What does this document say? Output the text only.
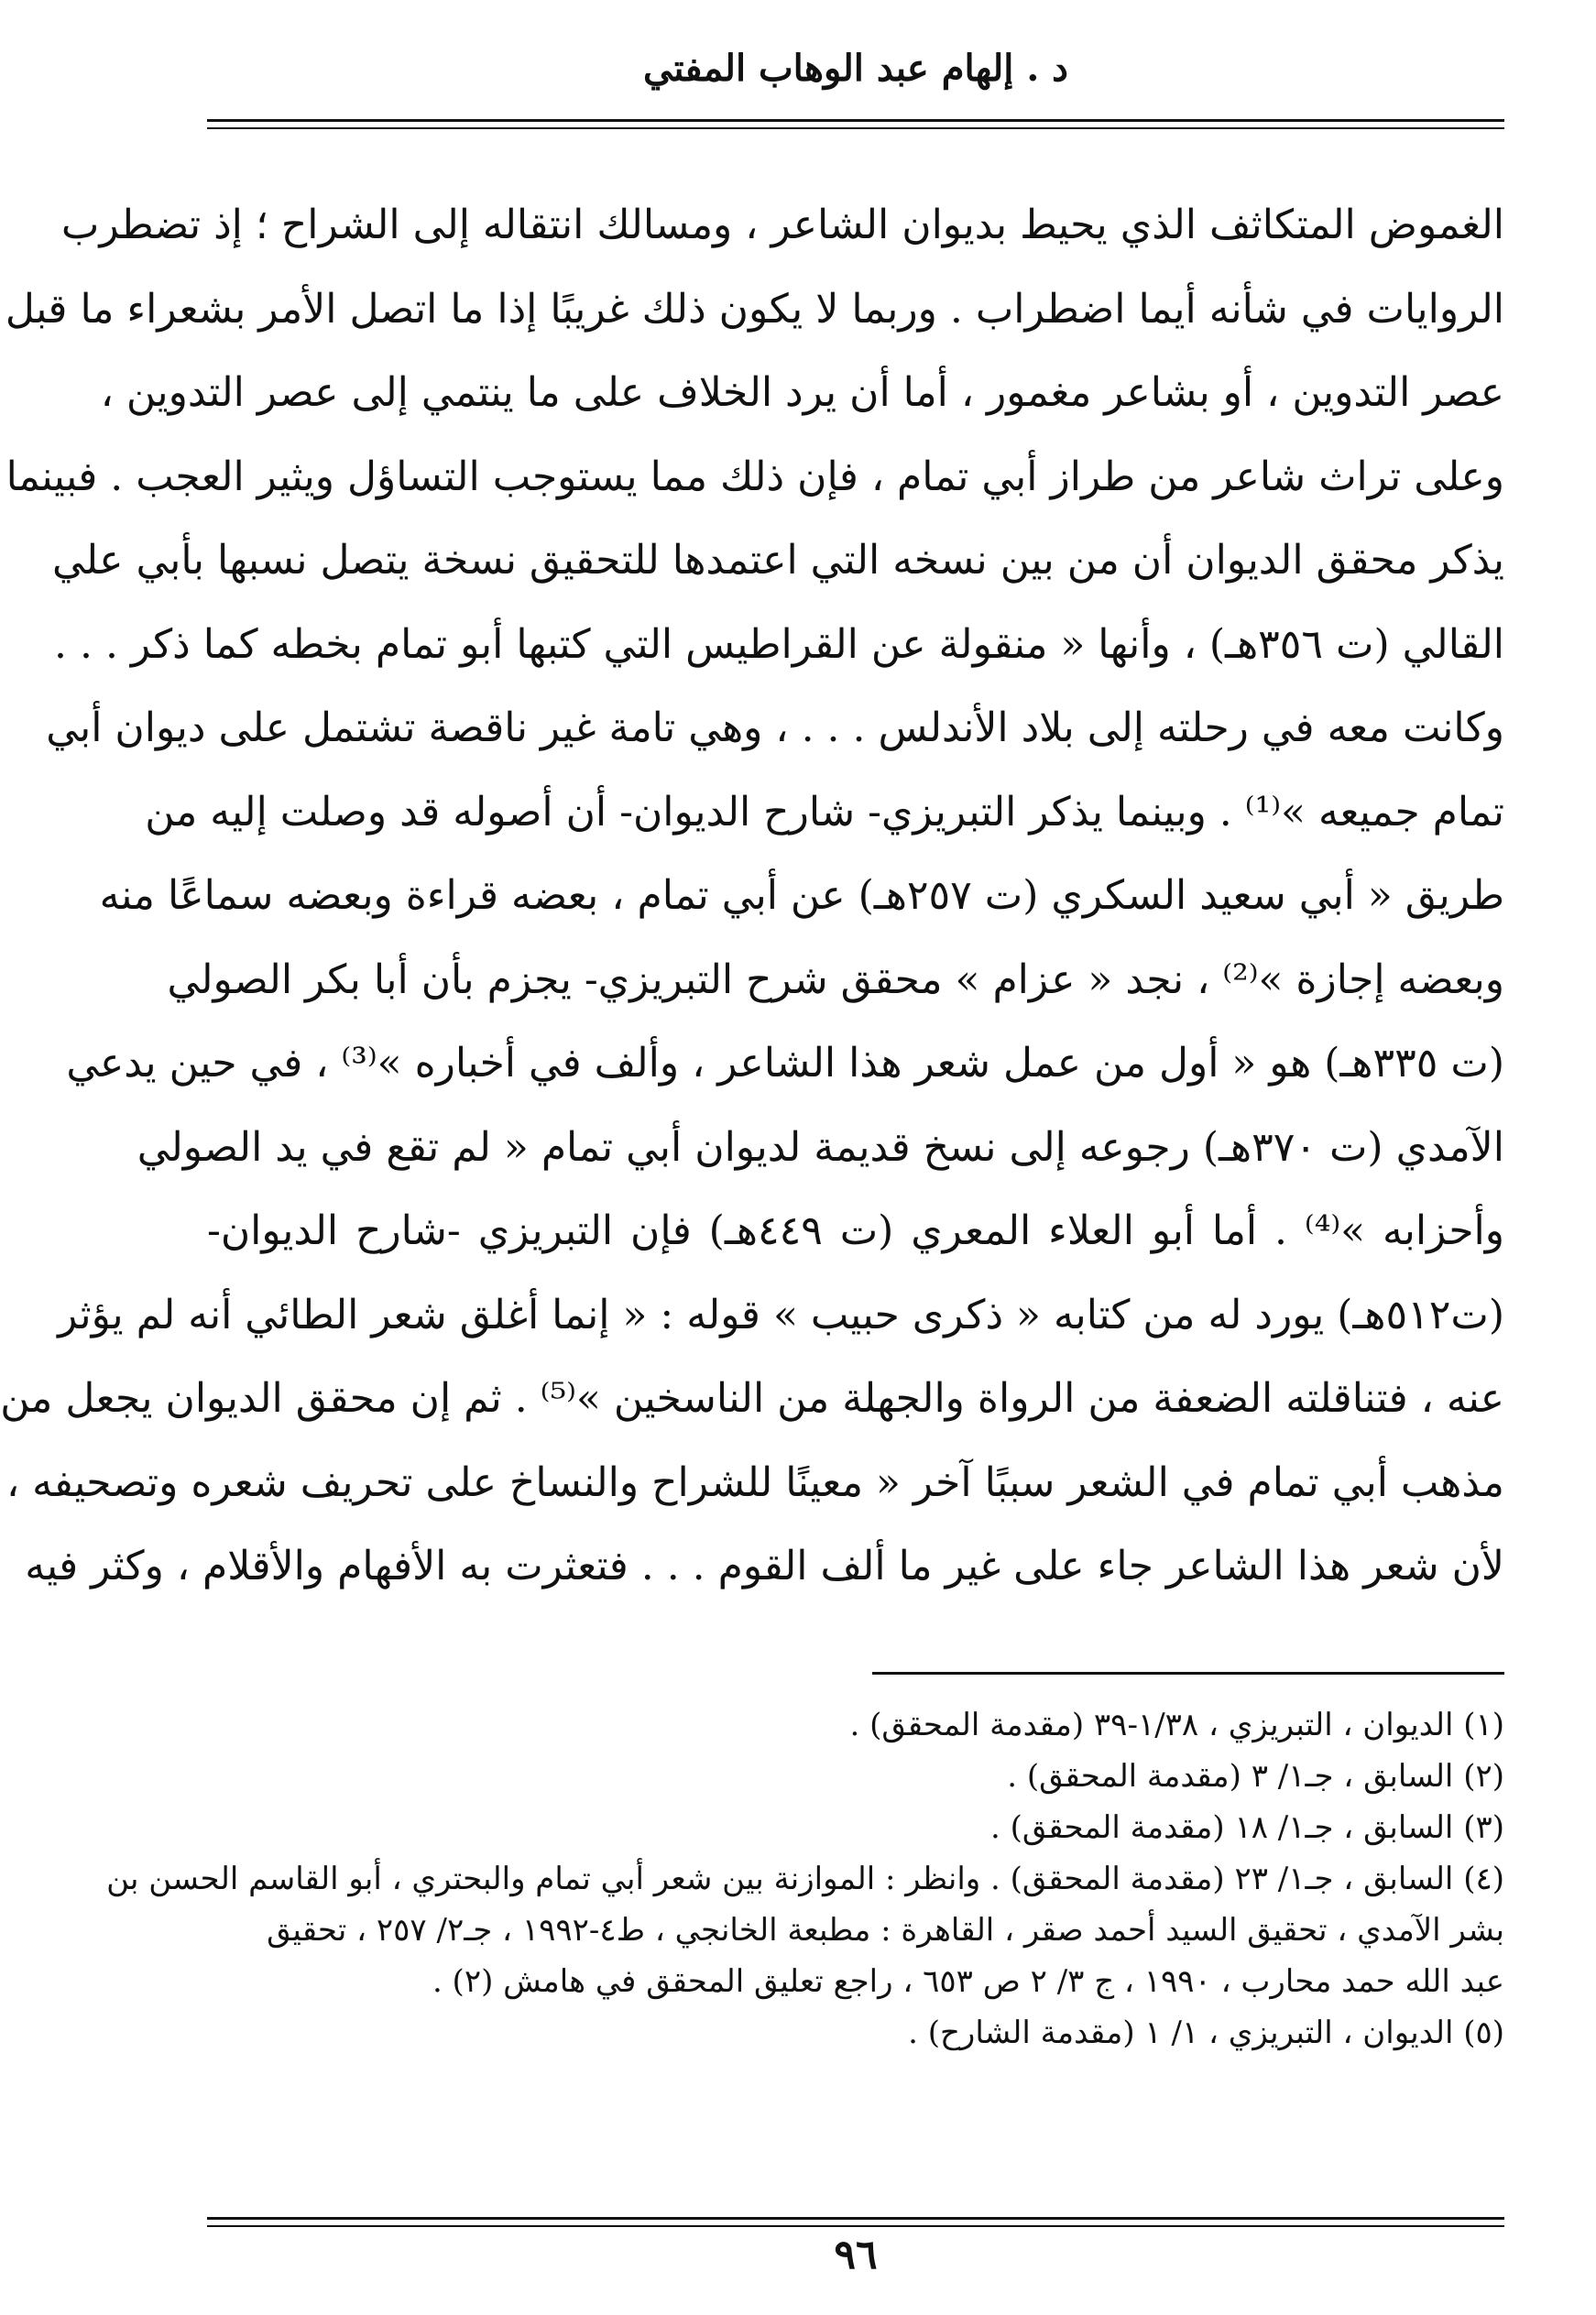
د . إلهام عبد الوهاب المفتي
الغموض المتكاثف الذي يحيط بديوان الشاعر ، ومسالك انتقاله إلى الشراح ؛ إذ تضطرب
الروايات في شأنه أيما اضطراب . وربما لا يكون ذلك غريبًا إذا ما اتصل الأمر بشعراء ما قبل
عصر التدوين ، أو بشاعر مغمور ، أما أن يرد الخلاف على ما ينتمي إلى عصر التدوين ،
وعلى تراث شاعر من طراز أبي تمام ، فإن ذلك مما يستوجب التساؤل ويثير العجب . فبينما
يذكر محقق الديوان أن من بين نسخه التي اعتمدها للتحقيق نسخة يتصل نسبها بأبي علي
القالي (ت ٣٥٦هـ) ، وأنها « منقولة عن القراطيس التي كتبها أبو تمام بخطه كما ذكر . . .
وكانت معه في رحلته إلى بلاد الأندلس . . . ، وهي تامة غير ناقصة تشتمل على ديوان أبي
تمام جميعه »⁽¹⁾ . وبينما يذكر التبريزي- شارح الديوان- أن أصوله قد وصلت إليه من
طريق « أبي سعيد السكري (ت ٢٥٧هـ) عن أبي تمام ، بعضه قراءة وبعضه سماعًا منه
وبعضه إجازة »⁽²⁾ ، نجد « عزام » محقق شرح التبريزي- يجزم بأن أبا بكر الصولي
(ت ٣٣٥هـ) هو « أول من عمل شعر هذا الشاعر ، وألف في أخباره »⁽³⁾ ، في حين يدعي
الآمدي (ت ٣٧٠هـ) رجوعه إلى نسخ قديمة لديوان أبي تمام « لم تقع في يد الصولي
وأحزابه »⁽⁴⁾ . أما أبو العلاء المعري (ت ٤٤٩هـ) فإن التبريزي -شارح الديوان-
(ت٥١٢هـ) يورد له من كتابه « ذكرى حبيب » قوله : « إنما أغلق شعر الطائي أنه لم يؤثر
عنه ، فتناقلته الضعفة من الرواة والجهلة من الناسخين »⁽⁵⁾ . ثم إن محقق الديوان يجعل من
مذهب أبي تمام في الشعر سببًا آخر « معينًا للشراح والنساخ على تحريف شعره وتصحيفه ،
لأن شعر هذا الشاعر جاء على غير ما ألف القوم . . . فتعثرت به الأفهام والأقلام ، وكثر فيه
(١) الديوان ، التبريزي ، ١/٣٨-٣٩ (مقدمة المحقق) .
(٢) السابق ، جـ١/ ٣ (مقدمة المحقق) .
(٣) السابق ، جـ١/ ١٨ (مقدمة المحقق) .
(٤) السابق ، جـ١/ ٢٣ (مقدمة المحقق) . وانظر : الموازنة بين شعر أبي تمام والبحتري ، أبو القاسم الحسن بن
بشر الآمدي ، تحقيق السيد أحمد صقر ، القاهرة : مطبعة الخانجي ، ط٤-١٩٩٢ ، جـ٢/ ٢٥٧ ، تحقيق
عبد الله حمد محارب ، ١٩٩٠ ، ج ٣/ ٢ ص ٦٥٣ ، راجع تعليق المحقق في هامش (٢) .
(٥) الديوان ، التبريزي ، ١/ ١ (مقدمة الشارح) .
٩٦
